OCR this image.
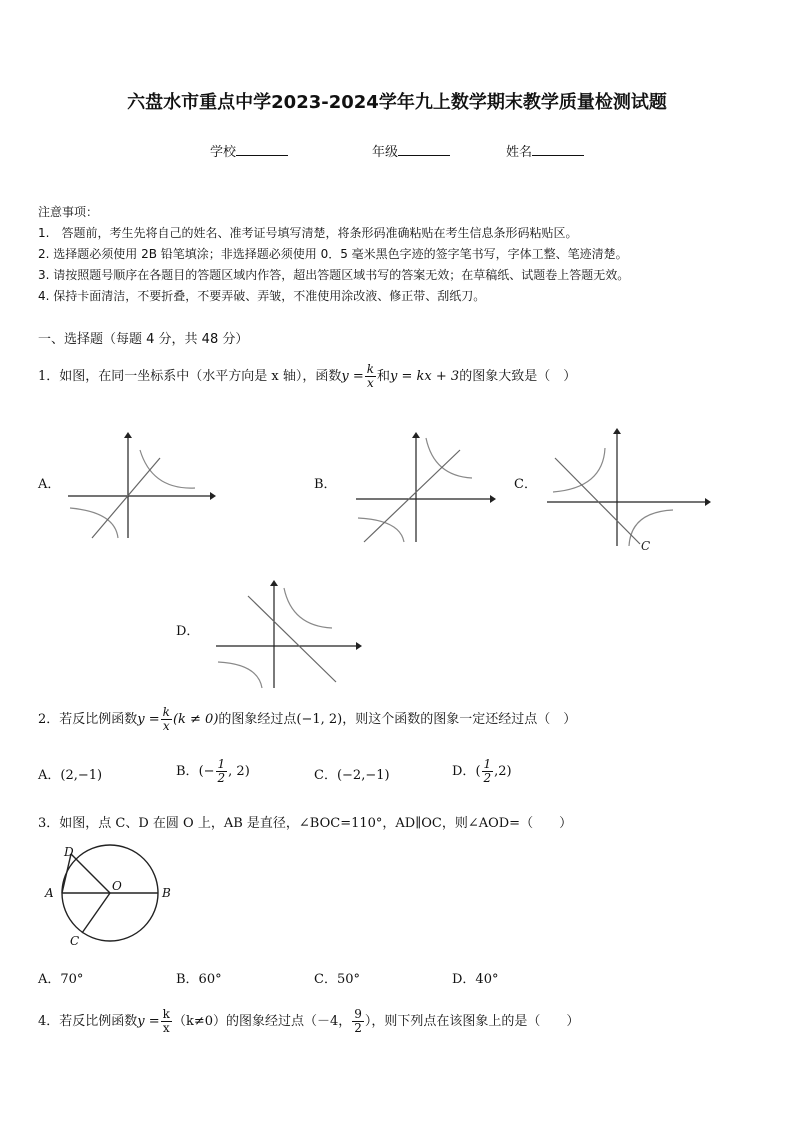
六盘水市重点中学2023-2024学年九上数学期末教学质量检测试题
学校	年级	姓名
注意事项：
1.　答题前，考生先将自己的姓名、准考证号填写清楚，将条形码准确粘贴在考生信息条形码粘贴区。
2. 选择题必须使用 2B 铅笔填涂；非选择题必须使用 0．5 毫米黑色字迹的签字笔书写，字体工整、笔迹清楚。
3. 请按照题号顺序在各题目的答题区域内作答，超出答题区域书写的答案无效；在草稿纸、试题卷上答题无效。
4. 保持卡面清洁，不要折叠，不要弄破、弄皱，不准使用涂改液、修正带、刮纸刀。
一、选择题（每题 4 分，共 48 分）
1．如图，在同一坐标系中（水平方向是 x 轴），函数$y = \frac{k}{x}$ 和y = kx + 3的图象大致是（　）
A．	B．	C．
D．
C
2．若反比例函数$y = \frac{k}{x} (k \ne 0)$的图象经过点(−1, 2)，则这个函数的图象一定还经过点（　）
A．(2,−1)	B．(− $\frac{1}{2}$ , 2)	C．(−2,−1)	D．( $\frac{1}{2} ,2$)
3．如图，点 C、D 在圆 O 上，AB 是直径，∠BOC=110°，AD∥OC，则∠AOD=（　　）
D
A	O	B
C
A．70°	B．60°	C．50°	D．40°
4．若反比例函数$y = \frac{k}{x} (k\ne 0)$的图象经过点（－4， $\frac{9}{2}$ ），则下列点在该图象上的是（　　）
